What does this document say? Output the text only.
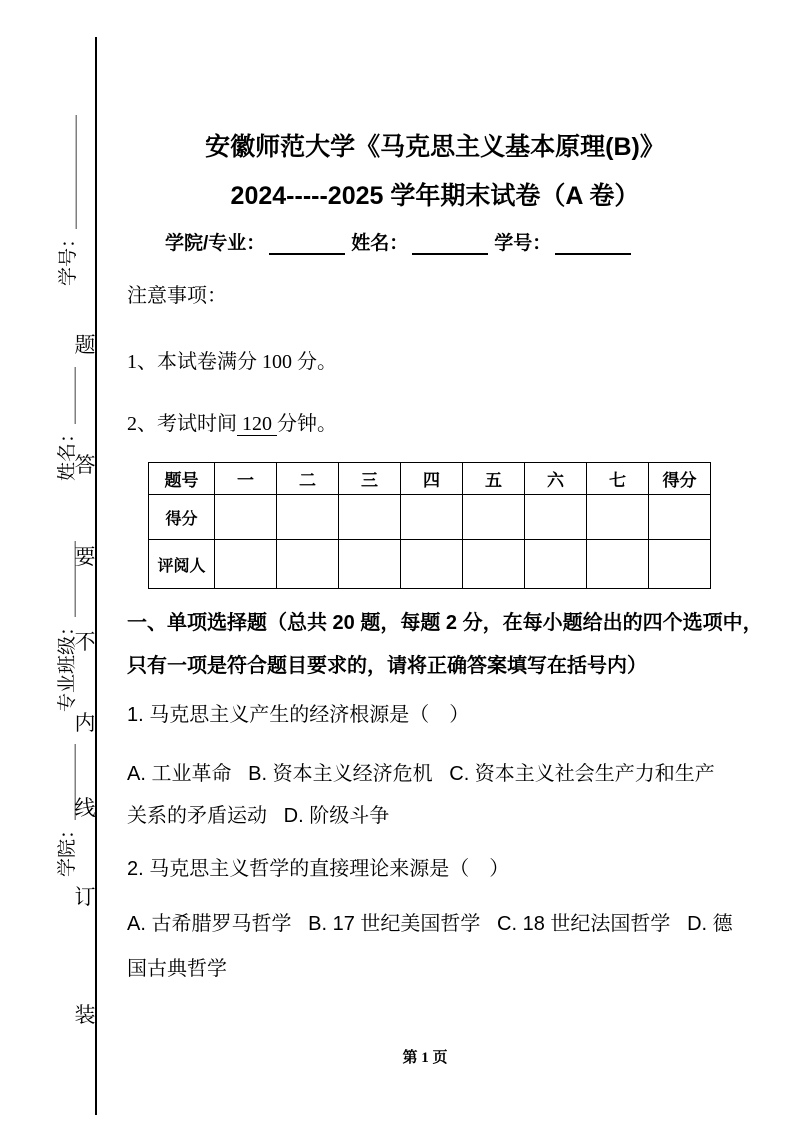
学号：＿＿＿＿＿＿

姓名：＿＿＿

专业班级：＿＿＿＿

学院：＿＿＿＿

题
答
要
不
内
线
订
装
安徽师范大学《马克思主义基本原理(B)》
2024-----2025 学年期末试卷（A 卷）
学院/专业：	姓名：	学号：
注意事项：
1、本试卷满分 100 分。
2、考试时间 120 分钟。
题号	一	二	三	四	五	六	七	得分
得分								
评阅人								
一、单项选择题（总共 20 题，每题 2 分，在每小题给出的四个选项中，
只有一项是符合题目要求的，请将正确答案填写在括号内）
1. 马克思主义产生的经济根源是（　）
A. 工业革命   B. 资本主义经济危机   C. 资本主义社会生产力和生产
关系的矛盾运动   D. 阶级斗争
2. 马克思主义哲学的直接理论来源是（　）
A. 古希腊罗马哲学   B. 17 世纪美国哲学   C. 18 世纪法国哲学   D. 德
国古典哲学
第 1 页
